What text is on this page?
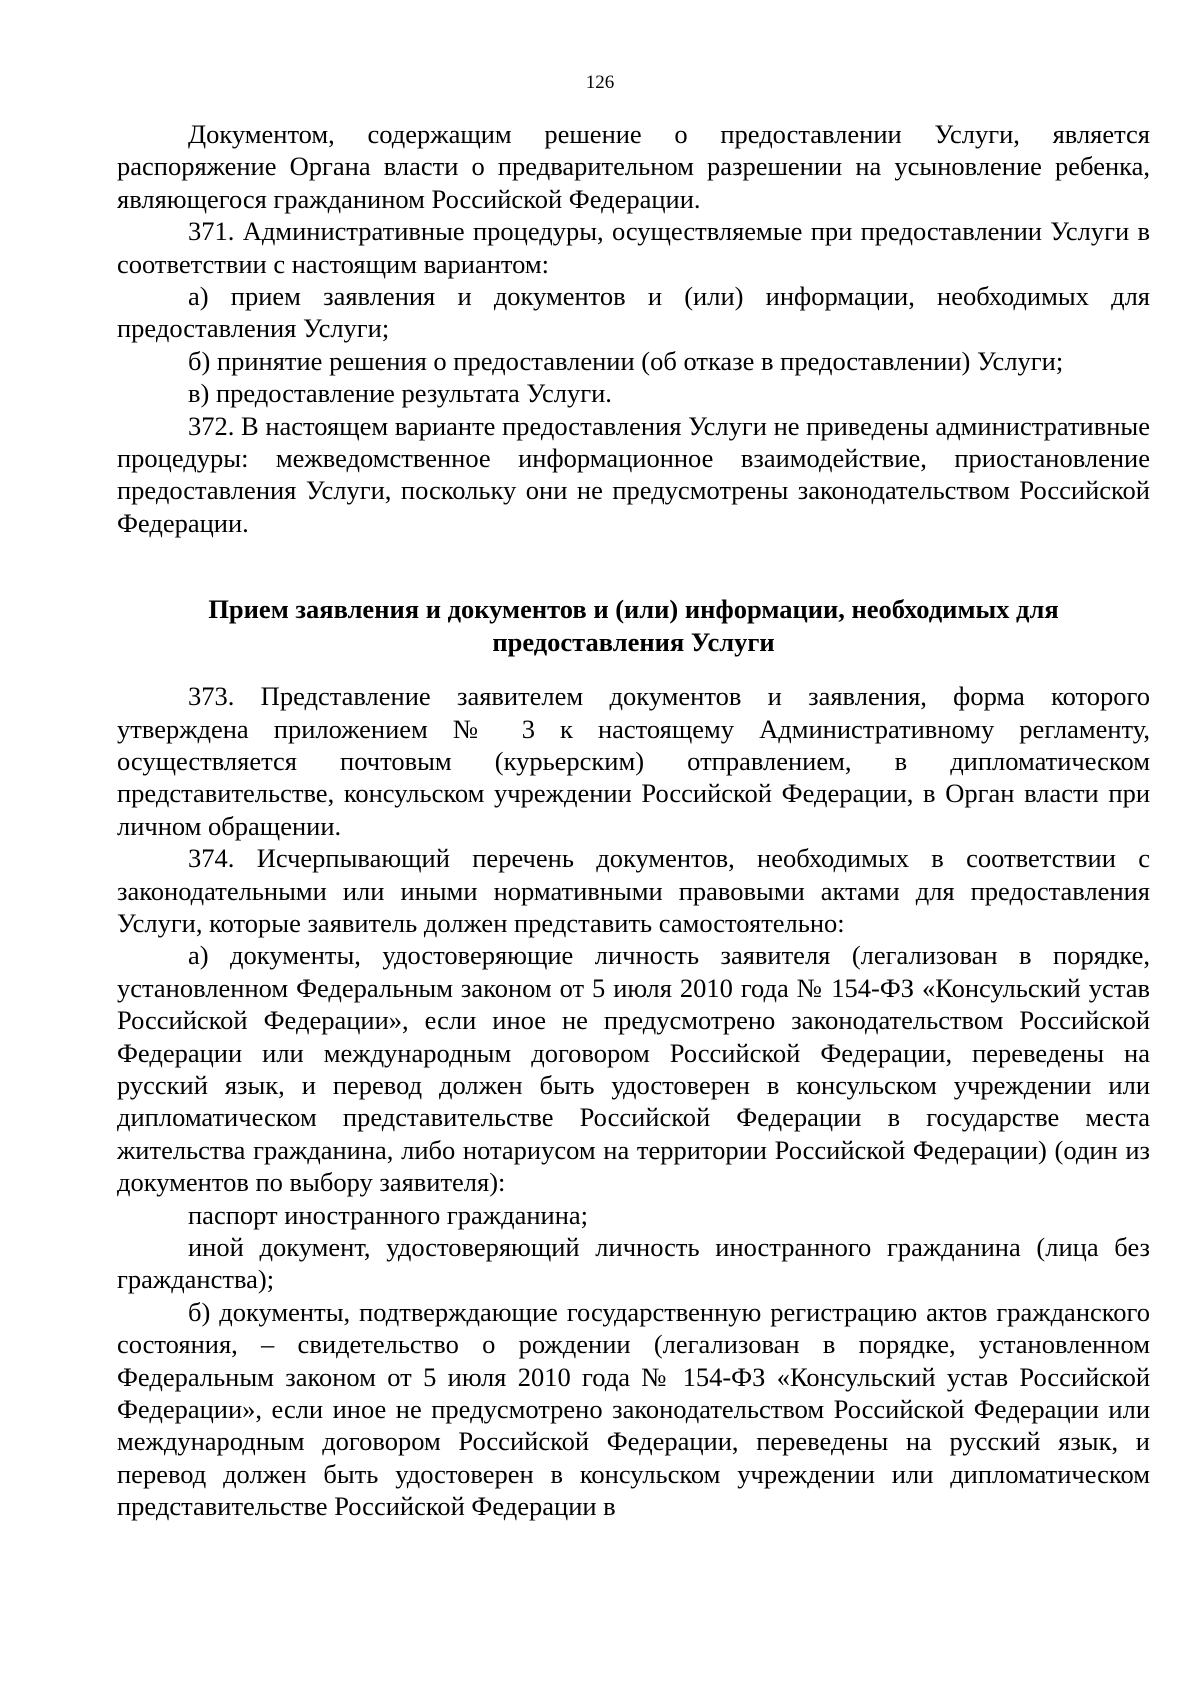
126

Документом, содержащим решение о предоставлении Услуги, является распоряжение Органа власти о предварительном разрешении на усыновление ребенка, являющегося гражданином Российской Федерации.

371. Административные процедуры, осуществляемые при предоставлении Услуги в соответствии с настоящим вариантом:

а) прием заявления и документов и (или) информации, необходимых для предоставления Услуги;

б) принятие решения о предоставлении (об отказе в предоставлении) Услуги;

в) предоставление результата Услуги.

372. В настоящем варианте предоставления Услуги не приведены административные процедуры: межведомственное информационное взаимодействие, приостановление предоставления Услуги, поскольку они не предусмотрены законодательством Российской Федерации.

Прием заявления и документов и (или) информации, необходимых для предоставления Услуги

373. Представление заявителем документов и заявления, форма которого утверждена приложением № 3 к настоящему Административному регламенту, осуществляется почтовым (курьерским) отправлением, в дипломатическом представительстве, консульском учреждении Российской Федерации, в Орган власти при личном обращении.

374. Исчерпывающий перечень документов, необходимых в соответствии с законодательными или иными нормативными правовыми актами для предоставления Услуги, которые заявитель должен представить самостоятельно:

а) документы, удостоверяющие личность заявителя (легализован в порядке, установленном Федеральным законом от 5 июля 2010 года № 154-ФЗ «Консульский устав Российской Федерации», если иное не предусмотрено законодательством Российской Федерации или международным договором Российской Федерации, переведены на русский язык, и перевод должен быть удостоверен в консульском учреждении или дипломатическом представительстве Российской Федерации в государстве места жительства гражданина, либо нотариусом на территории Российской Федерации) (один из документов по выбору заявителя):

паспорт иностранного гражданина;

иной документ, удостоверяющий личность иностранного гражданина (лица без гражданства);

б) документы, подтверждающие государственную регистрацию актов гражданского состояния, – свидетельство о рождении (легализован в порядке, установленном Федеральным законом от 5 июля 2010 года № 154-ФЗ «Консульский устав Российской Федерации», если иное не предусмотрено законодательством Российской Федерации или международным договором Российской Федерации, переведены на русский язык, и перевод должен быть удостоверен в консульском учреждении или дипломатическом представительстве Российской Федерации в
